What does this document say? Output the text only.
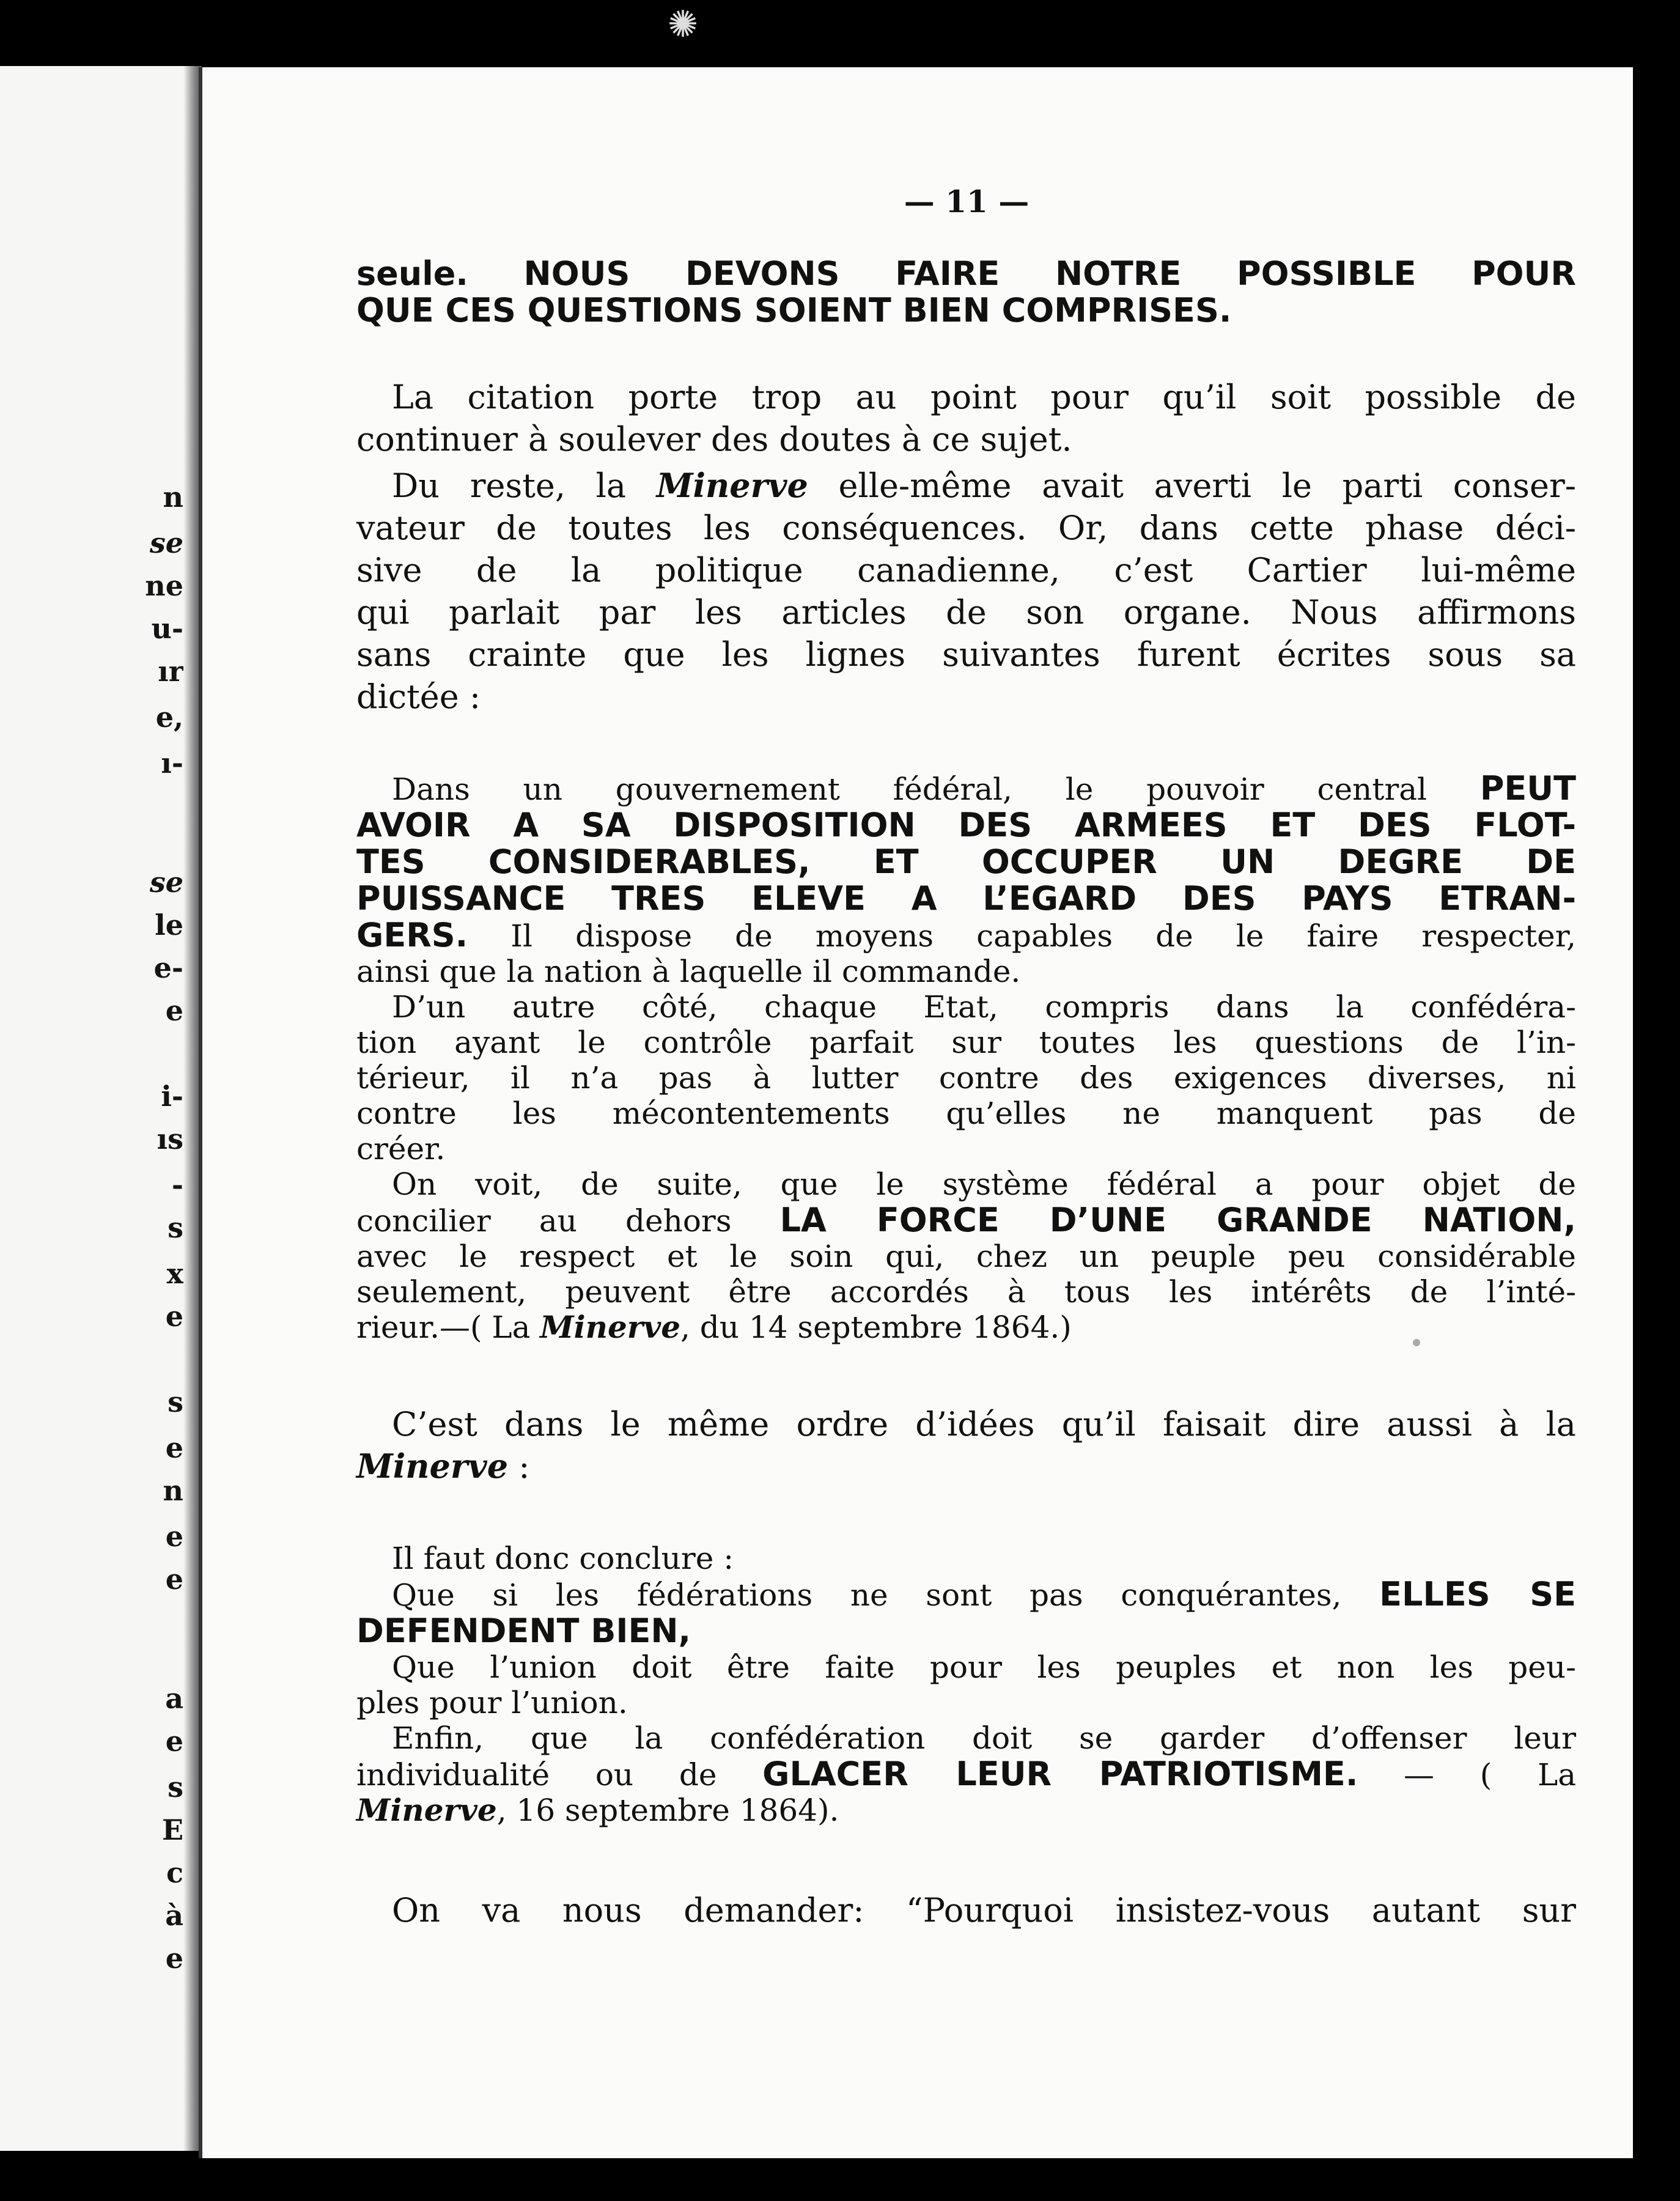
✺
n
se
ne
u-
ır
e,
ı-
se
le
e-
e
i-
ıs
-
s
x
e
s
e
n
e
e
a
e
s
E
c
à
e
— 11 —
seule. NOUS DEVONS FAIRE NOTRE POSSIBLE POUR
QUE CES QUESTIONS SOIENT BIEN COMPRISES.
La citation porte trop au point pour qu’il soit possible de
continuer à soulever des doutes à ce sujet.
Du reste, la Minerve elle-même avait averti le parti conser-
vateur de toutes les conséquences. Or, dans cette phase déci-
sive de la politique canadienne, c’est Cartier lui-même
qui parlait par les articles de son organe. Nous affirmons
sans crainte que les lignes suivantes furent écrites sous sa
dictée :
Dans un gouvernement fédéral, le pouvoir central PEUT
AVOIR A SA DISPOSITION DES ARMEES ET DES FLOT-
TES CONSIDERABLES, ET OCCUPER UN DEGRE DE
PUISSANCE TRES ELEVE A L’EGARD DES PAYS ETRAN-
GERS. Il dispose de moyens capables de le faire respecter,
ainsi que la nation à laquelle il commande.
D’un autre côté, chaque Etat, compris dans la confédéra-
tion ayant le contrôle parfait sur toutes les questions de l’in-
térieur, il n’a pas à lutter contre des exigences diverses, ni
contre les mécontentements qu’elles ne manquent pas de
créer.
On voit, de suite, que le système fédéral a pour objet de
concilier au dehors LA FORCE D’UNE GRANDE NATION,
avec le respect et le soin qui, chez un peuple peu considérable
seulement, peuvent être accordés à tous les intérêts de l’inté-
rieur.—( La Minerve, du 14 septembre 1864.)
C’est dans le même ordre d’idées qu’il faisait dire aussi à la
Minerve :
Il faut donc conclure :
Que si les fédérations ne sont pas conquérantes, ELLES SE
DEFENDENT BIEN,
Que l’union doit être faite pour les peuples et non les peu-
ples pour l’union.
Enfin, que la confédération doit se garder d’offenser leur
individualité ou de GLACER LEUR PATRIOTISME. — ( La
Minerve, 16 septembre 1864).
On va nous demander: “Pourquoi insistez-vous autant sur
